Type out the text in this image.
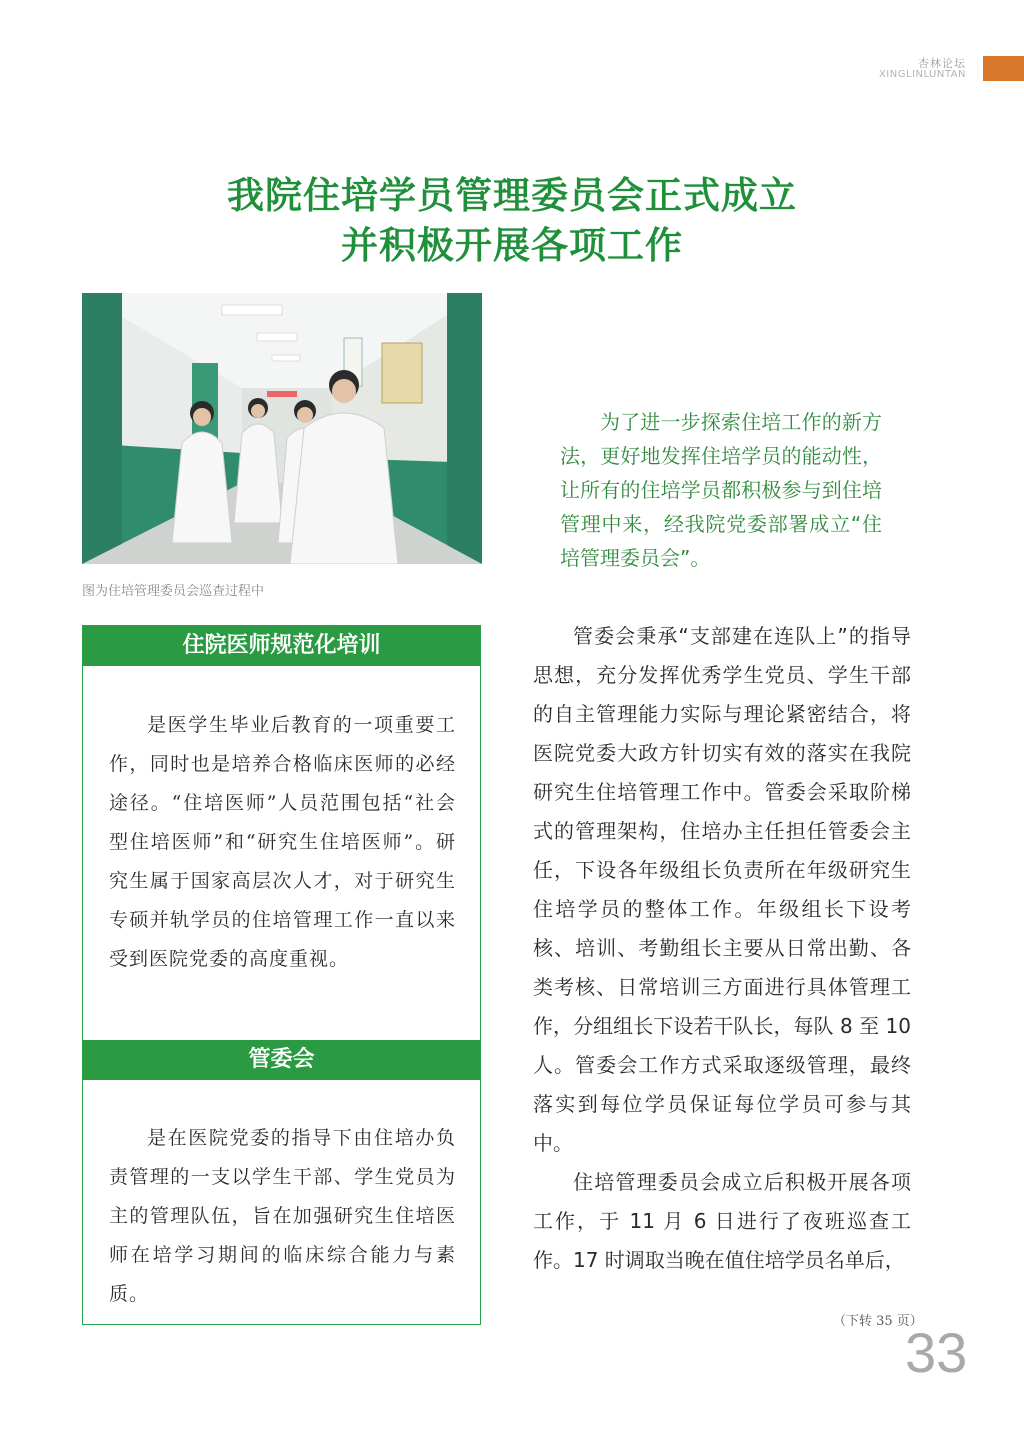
杏林论坛
XINGLINLUNTAN
我院住培学员管理委员会正式成立
并积极开展各项工作
图为住培管理委员会巡查过程中
为了进一步探索住培工作的新方法，更好地发挥住培学员的能动性，让所有的住培学员都积极参与到住培管理中来，经我院党委部署成立“住培管理委员会”。
住院医师规范化培训
是医学生毕业后教育的一项重要工作，同时也是培养合格临床医师的必经途径。“住培医师”人员范围包括“社会型住培医师”和“研究生住培医师”。研究生属于国家高层次人才，对于研究生专硕并轨学员的住培管理工作一直以来受到医院党委的高度重视。
管委会
是在医院党委的指导下由住培办负责管理的一支以学生干部、学生党员为主的管理队伍，旨在加强研究生住培医师在培学习期间的临床综合能力与素质。

管委会秉承“支部建在连队上”的指导思想，充分发挥优秀学生党员、学生干部的自主管理能力实际与理论紧密结合，将医院党委大政方针切实有效的落实在我院研究生住培管理工作中。管委会采取阶梯式的管理架构，住培办主任担任管委会主任，下设各年级组长负责所在年级研究生住培学员的整体工作。年级组长下设考核、培训、考勤组长主要从日常出勤、各类考核、日常培训三方面进行具体管理工作，分组组长下设若干队长，每队 8 至 10 人。管委会工作方式采取逐级管理，最终落实到每位学员保证每位学员可参与其中。

住培管理委员会成立后积极开展各项工作，于 11 月 6 日进行了夜班巡查工作。17 时调取当晚在值住培学员名单后，

（下转 35 页）
33
